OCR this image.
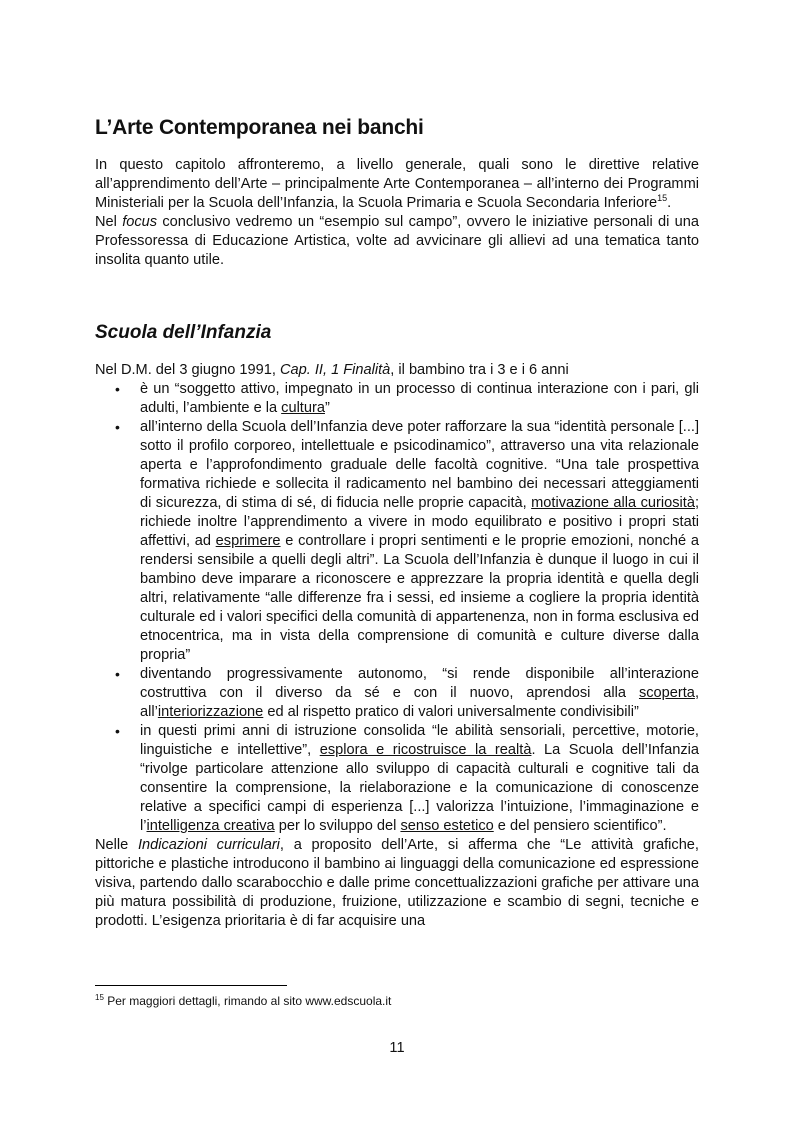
L’Arte Contemporanea nei banchi

In questo capitolo affronteremo, a livello generale, quali sono le direttive relative all’apprendimento dell’Arte – principalmente Arte Contemporanea – all’interno dei Programmi Ministeriali per la Scuola dell’Infanzia, la Scuola Primaria e Scuola Secondaria Inferiore$^{15}$.

Nel focus conclusivo vedremo un “esempio sul campo”, ovvero le iniziative personali di una Professoressa di Educazione Artistica, volte ad avvicinare gli allievi ad una tematica tanto insolita quanto utile.

Scuola dell’Infanzia

Nel D.M. del 3 giugno 1991, Cap. II, 1 Finalità, il bambino tra i 3 e i 6 anni

• è un “soggetto attivo, impegnato in un processo di continua interazione con i pari, gli adulti, l’ambiente e la cultura”
• all’interno della Scuola dell’Infanzia deve poter rafforzare la sua “identità personale [...] sotto il profilo corporeo, intellettuale e psicodinamico”, attraverso una vita relazionale aperta e l’approfondimento graduale delle facoltà cognitive. “Una tale prospettiva formativa richiede e sollecita il radicamento nel bambino dei necessari atteggiamenti di sicurezza, di stima di sé, di fiducia nelle proprie capacità, motivazione alla curiosità; richiede inoltre l’apprendimento a vivere in modo equilibrato e positivo i propri stati affettivi, ad esprimere e controllare i propri sentimenti e le proprie emozioni, nonché a rendersi sensibile a quelli degli altri”. La Scuola dell’Infanzia è dunque il luogo in cui il bambino deve imparare a riconoscere e apprezzare la propria identità e quella degli altri, relativamente “alle differenze fra i sessi, ed insieme a cogliere la propria identità culturale ed i valori specifici della comunità di appartenenza, non in forma esclusiva ed etnocentrica, ma in vista della comprensione di comunità e culture diverse dalla propria”
• diventando progressivamente autonomo, “si rende disponibile all’interazione costruttiva con il diverso da sé e con il nuovo, aprendosi alla scoperta, all’interiorizzazione ed al rispetto pratico di valori universalmente condivisibili”
• in questi primi anni di istruzione consolida “le abilità sensoriali, percettive, motorie, linguistiche e intellettive”, esplora e ricostruisce la realtà. La Scuola dell’Infanzia “rivolge particolare attenzione allo sviluppo di capacità culturali e cognitive tali da consentire la comprensione, la rielaborazione e la comunicazione di conoscenze relative a specifici campi di esperienza [...] valorizza l’intuizione, l’immaginazione e l’intelligenza creativa per lo sviluppo del senso estetico e del pensiero scientifico”.

Nelle Indicazioni curriculari, a proposito dell’Arte, si afferma che “Le attività grafiche, pittoriche e plastiche introducono il bambino ai linguaggi della comunicazione ed espressione visiva, partendo dallo scarabocchio e dalle prime concettualizzazioni grafiche per attivare una più matura possibilità di produzione, fruizione, utilizzazione e scambio di segni, tecniche e prodotti. L’esigenza prioritaria è di far acquisire una

$^{15}$ Per maggiori dettagli, rimando al sito www.edscuola.it
11
